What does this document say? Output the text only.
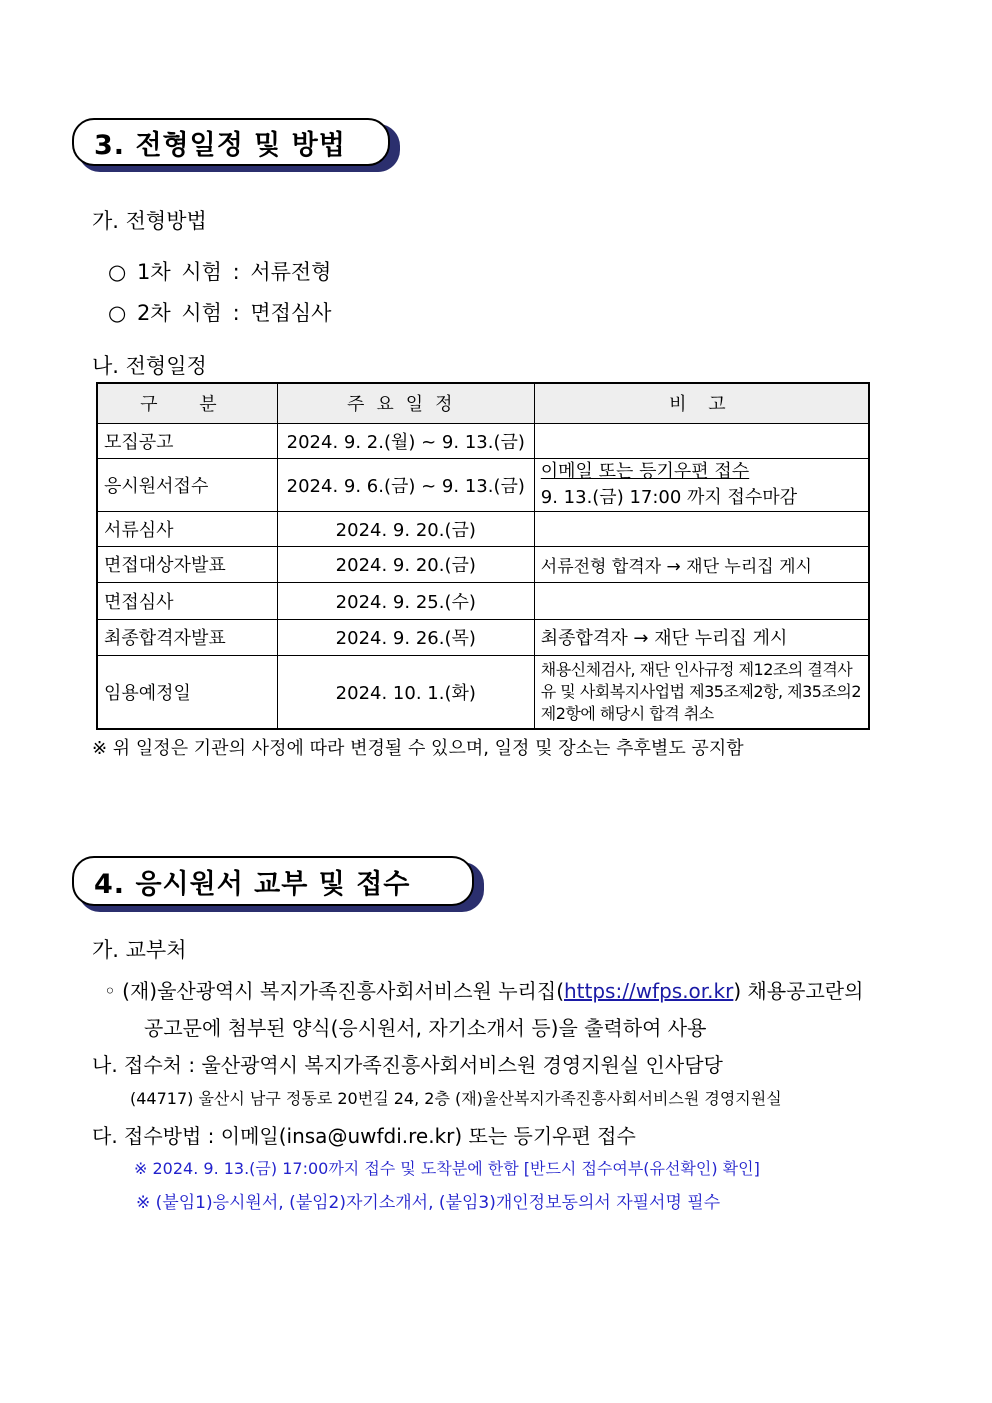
3. 전형일정 및 방법
가. 전형방법
○ 1차 시험 : 서류전형
○ 2차 시험 : 면접심사
나. 전형일정
구 분	주요일정	비 고
모집공고	2024. 9. 2.(월) ~ 9. 13.(금)	
응시원서접수	2024. 9. 6.(금) ~ 9. 13.(금)	이메일 또는 등기우편 접수
9. 13.(금) 17:00 까지 접수마감

서류심사	2024. 9. 20.(금)	
면접대상자발표	2024. 9. 20.(금)	서류전형 합격자 → 재단 누리집 게시
면접심사	2024. 9. 25.(수)	
최종합격자발표	2024. 9. 26.(목)	최종합격자 → 재단 누리집 게시
임용예정일	2024. 10. 1.(화)	채용신체검사, 재단 인사규정 제12조의 결격사유 및 사회복지사업법 제35조제2항, 제35조의2 제2항에 해당시 합격 취소
※ 위 일정은 기관의 사정에 따라 변경될 수 있으며, 일정 및 장소는 추후별도 공지함
4. 응시원서 교부 및 접수
가. 교부처
◦ (재)울산광역시 복지가족진흥사회서비스원 누리집(https://wfps.or.kr) 채용공고란의
공고문에 첨부된 양식(응시원서, 자기소개서 등)을 출력하여 사용
나. 접수처 : 울산광역시 복지가족진흥사회서비스원 경영지원실 인사담당
(44717) 울산시 남구 정동로 20번길 24, 2층 (재)울산복지가족진흥사회서비스원 경영지원실
다. 접수방법 : 이메일(insa@uwfdi.re.kr) 또는 등기우편 접수
※ 2024. 9. 13.(금) 17:00까지 접수 및 도착분에 한함 [반드시 접수여부(유선확인) 확인]
※ (붙임1)응시원서, (붙임2)자기소개서, (붙임3)개인정보동의서 자필서명 필수
